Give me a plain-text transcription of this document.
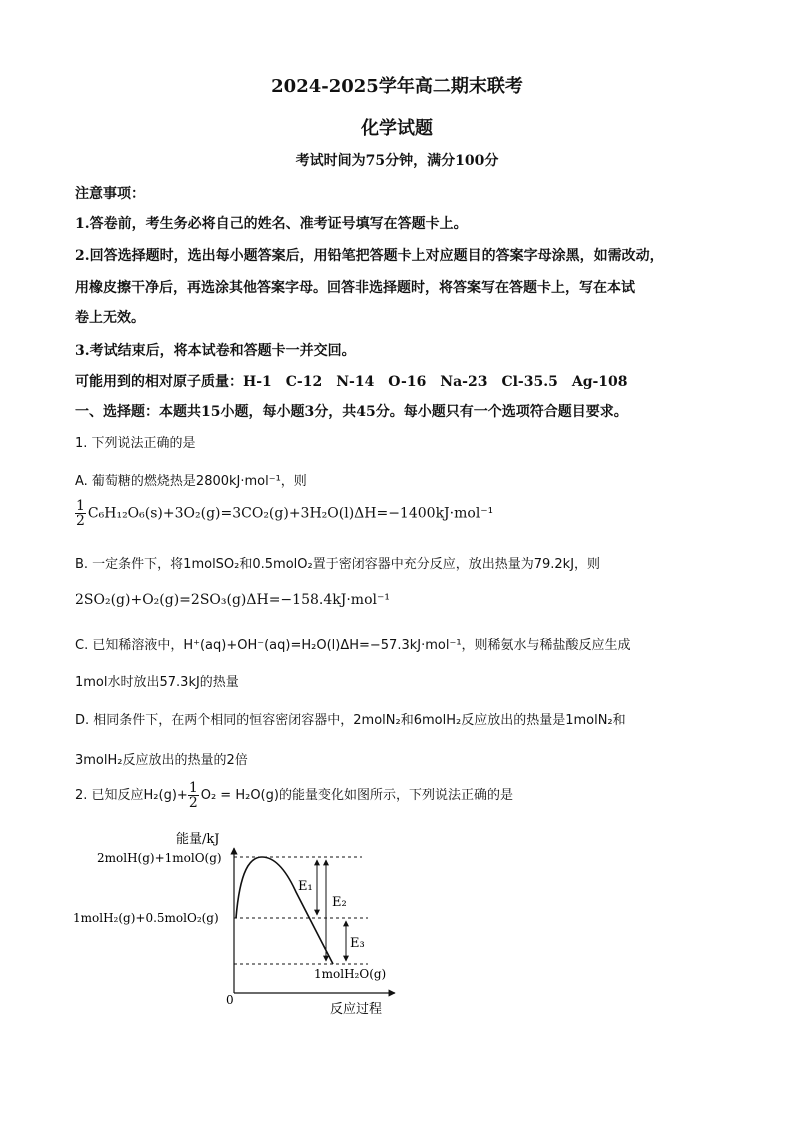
2024-2025学年高二期末联考
化学试题
考试时间为75分钟，满分100分
注意事项：
1.答卷前，考生务必将自己的姓名、准考证号填写在答题卡上。
2.回答选择题时，选出每小题答案后，用铅笔把答题卡上对应题目的答案字母涂黑，如需改动，
用橡皮擦干净后，再选涂其他答案字母。回答非选择题时，将答案写在答题卡上，写在本试
卷上无效。
3.考试结束后，将本试卷和答题卡一并交回。
可能用到的相对原子质量：H-1　C-12　N-14　O-16　Na-23　Cl-35.5　Ag-108
一、选择题：本题共15小题，每小题3分，共45分。每小题只有一个选项符合题目要求。
1. 下列说法正确的是
A. 葡萄糖的燃烧热是2800kJ·mol⁻¹，则
$\frac{1}{2} C_6H_{12}O_6(s)+3O_2(g)=3CO_2(g)+3H_2O(l)\Delta H=-1400kJ\cdot mol^{-1}$
B. 一定条件下，将1molSO₂和0.5molO₂置于密闭容器中充分反应，放出热量为79.2kJ，则
2SO₂(g)+O₂(g)=2SO₃(g)ΔH=−158.4kJ·mol⁻¹
C. 已知稀溶液中，H⁺(aq)+OH⁻(aq)=H₂O(l)ΔH=−57.3kJ·mol⁻¹，则稀氨水与稀盐酸反应生成
1mol水时放出57.3kJ的热量
D. 相同条件下，在两个相同的恒容密闭容器中，2molN₂和6molH₂反应放出的热量是1molN₂和
3molH₂反应放出的热量的2倍
2. 已知反应$H_2(g)+ \frac{1}{2} O_2 = H_2O(g)$的能量变化如图所示，下列说法正确的是
能量/kJ
反应过程
0
2molH(g)+1molO(g)
1molH₂(g)+0.5molO₂(g)
1molH₂O(g)
E₁
E₂
E₃
